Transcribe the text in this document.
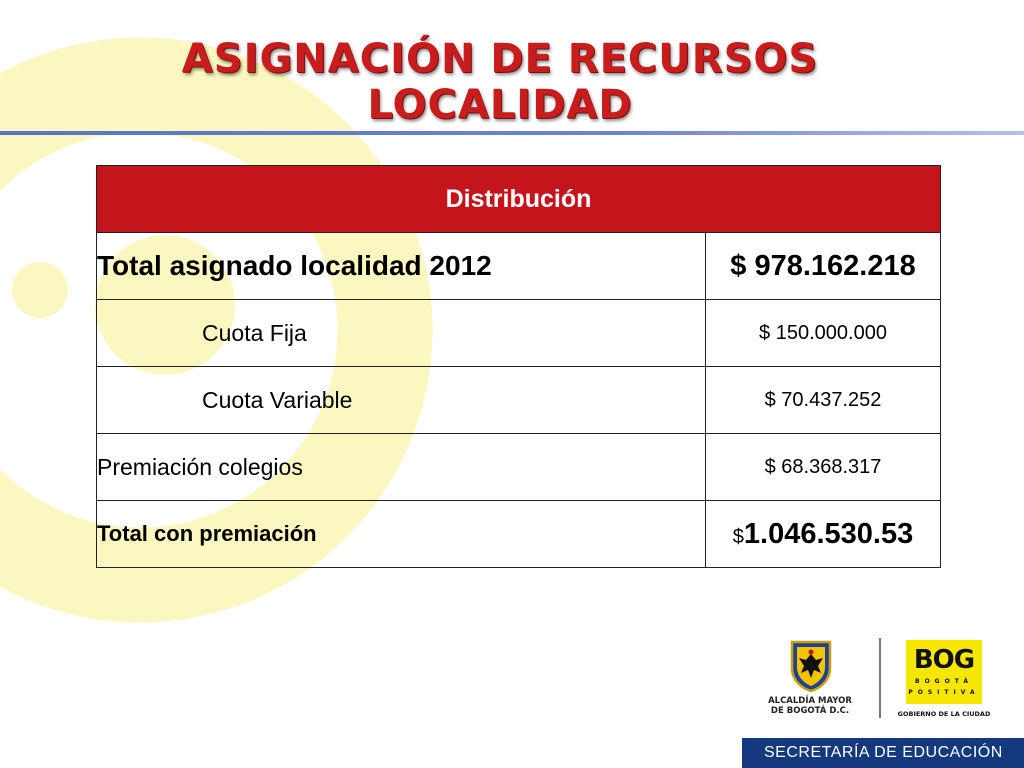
ASIGNACIÓN DE RECURSOS
LOCALIDAD
Distribución	
Total asignado localidad 2012	$ 978.162.218
Cuota Fija	$ 150.000.000
Cuota Variable	$ 70.437.252
Premiación colegios	$ 68.368.317
Total con premiación	$1.046.530.53
ALCALDÍA MAYOR
DE BOGOTÁ D.C.
BOG
BOGOTÁ
POSITIVA
GOBIERNO DE LA CIUDAD
SECRETARÍA DE EDUCACIÓN
